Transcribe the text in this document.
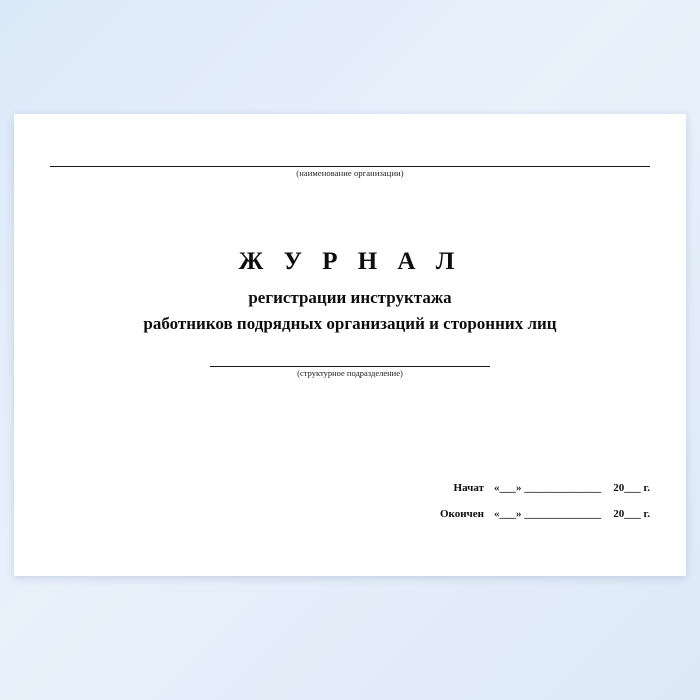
(наименование организации)
Ж У Р Н А Л
регистрации инструктажа
работников подрядных организаций и сторонних лиц
(структурное подразделение)
Начат «___» ______________ 20___ г.
Окончен «___» ______________ 20___ г.
